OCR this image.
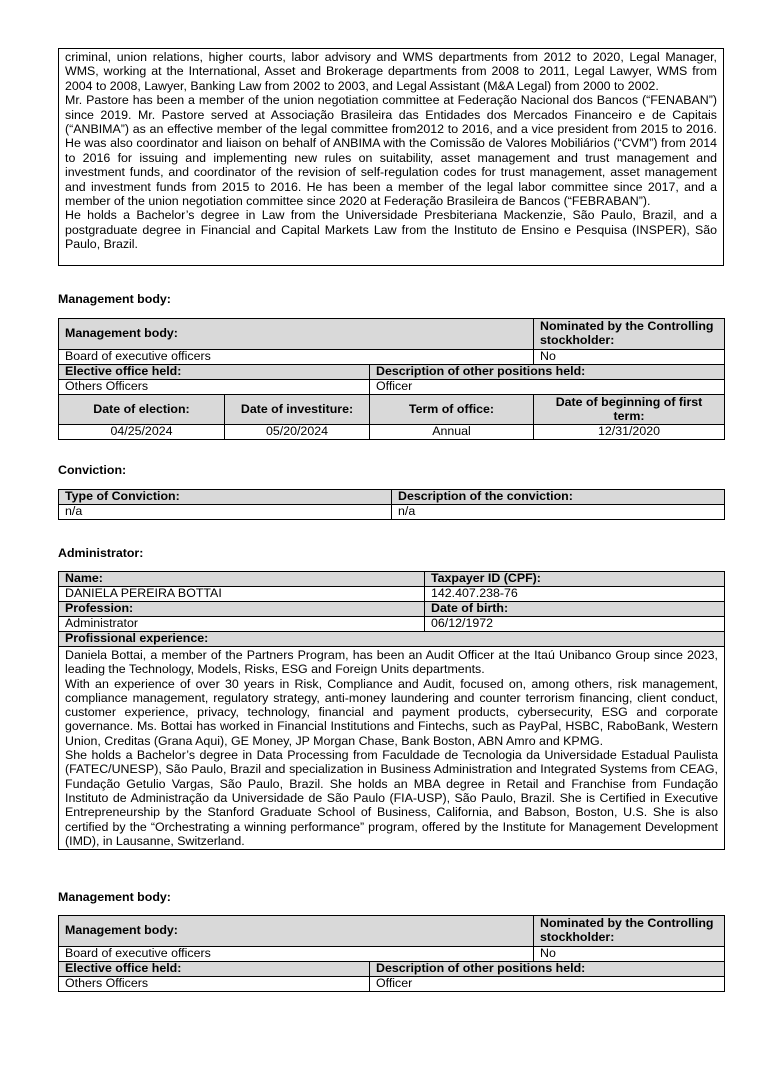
criminal, union relations, higher courts, labor advisory and WMS departments from 2012 to 2020, Legal Manager, WMS, working at the International, Asset and Brokerage departments from 2008 to 2011, Legal Lawyer, WMS from 2004 to 2008, Lawyer, Banking Law from 2002 to 2003, and Legal Assistant (M&A Legal) from 2000 to 2002.

Mr. Pastore has been a member of the union negotiation committee at Federação Nacional dos Bancos (“FENABAN”) since 2019. Mr. Pastore served at Associação Brasileira das Entidades dos Mercados Financeiro e de Capitais (“ANBIMA”) as an effective member of the legal committee from2012 to 2016, and a vice president from 2015 to 2016. He was also coordinator and liaison on behalf of ANBIMA with the Comissão de Valores Mobiliários (“CVM”) from 2014 to 2016 for issuing and implementing new rules on suitability, asset management and trust management and investment funds, and coordinator of the revision of self-regulation codes for trust management, asset management and investment funds from 2015 to 2016. He has been a member of the legal labor committee since 2017, and a member of the union negotiation committee since 2020 at Federação Brasileira de Bancos (“FEBRABAN”).

He holds a Bachelor’s degree in Law from the Universidade Presbiteriana Mackenzie, São Paulo, Brazil, and a postgraduate degree in Financial and Capital Markets Law from the Instituto de Ensino e Pesquisa (INSPER), São Paulo, Brazil.

Management body:
Management body:			Nominated by the Controlling stockholder:
Board of executive officers			No
Elective office held:		Description of other positions held:	
Others Officers		Officer	
Date of election:	Date of investiture:	Term of office:	Date of beginning of first term:
04/25/2024	05/20/2024	Annual	12/31/2020
Conviction:
Type of Conviction:	Description of the conviction:
n/a	n/a
Administrator:
Name:	Taxpayer ID (CPF):
DANIELA PEREIRA BOTTAI	142.407.238-76
Profession:	Date of birth:
Administrator	06/12/1972
Profissional experience:	

Daniela Bottai, a member of the Partners Program, has been an Audit Officer at the Itaú Unibanco Group since 2023, leading the Technology, Models, Risks, ESG and Foreign Units departments.

With an experience of over 30 years in Risk, Compliance and Audit, focused on, among others, risk management, compliance management, regulatory strategy, anti-money laundering and counter terrorism financing, client conduct, customer experience, privacy, technology, financial and payment products, cybersecurity, ESG and corporate governance. Ms. Bottai has worked in Financial Institutions and Fintechs, such as PayPal, HSBC, RaboBank, Western Union, Creditas (Grana Aqui), GE Money, JP Morgan Chase, Bank Boston, ABN Amro and KPMG.

She holds a Bachelor’s degree in Data Processing from Faculdade de Tecnologia da Universidade Estadual Paulista (FATEC/UNESP), São Paulo, Brazil and specialization in Business Administration and Integrated Systems from CEAG, Fundação Getulio Vargas, São Paulo, Brazil. She holds an MBA degree in Retail and Franchise from Fundação Instituto de Administração da Universidade de São Paulo (FIA-USP), São Paulo, Brazil. She is Certified in Executive Entrepreneurship by the Stanford Graduate School of Business, California, and Babson, Boston, U.S. She is also certified by the “Orchestrating a winning performance” program, offered by the Institute for Management Development (IMD), in Lausanne, Switzerland.	

Management body:
Management body:		Nominated by the Controlling stockholder:
Board of executive officers		No
Elective office held:	Description of other positions held:	
Others Officers	Officer	
